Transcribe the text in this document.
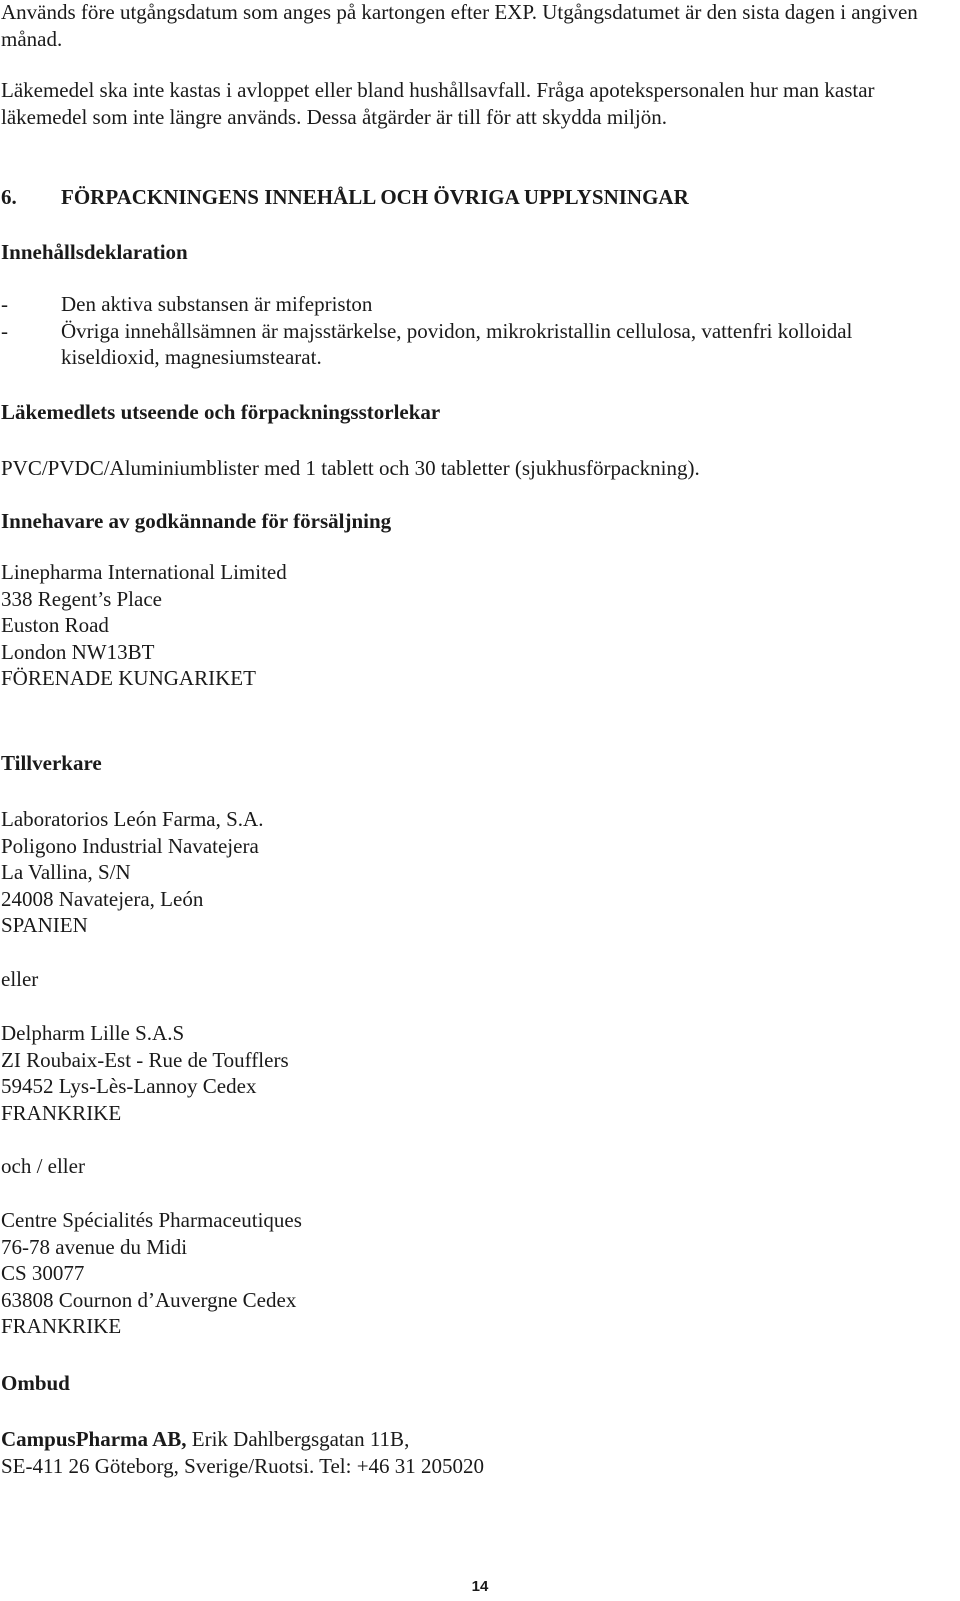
Används före utgångsdatum som anges på kartongen efter EXP. Utgångsdatumet är den sista dagen i angiven månad.

Läkemedel ska inte kastas i avloppet eller bland hushållsavfall. Fråga apotekspersonalen hur man kastar läkemedel som inte längre används. Dessa åtgärder är till för att skydda miljön.

6. FÖRPACKNINGENS INNEHÅLL OCH ÖVRIGA UPPLYSNINGAR
Innehållsdeklaration
-	Den aktiva substansen är mifepriston
-	Övriga innehållsämnen är majsstärkelse, povidon, mikrokristallin cellulosa, vattenfri kolloidal kiseldioxid, magnesiumstearat.
Läkemedlets utseende och förpackningsstorlekar
PVC/PVDC/Aluminiumblister med 1 tablett och 30 tabletter (sjukhusförpackning).
Innehavare av godkännande för försäljning
Linepharma International Limited
338 Regent’s Place
Euston Road
London NW13BT
FÖRENADE KUNGARIKET
Tillverkare
Laboratorios León Farma, S.A.
Poligono Industrial Navatejera
La Vallina, S/N
24008 Navatejera, León
SPANIEN
eller
Delpharm Lille S.A.S
ZI Roubaix-Est - Rue de Toufflers
59452 Lys-Lès-Lannoy Cedex
FRANKRIKE
och / eller
Centre Spécialités Pharmaceutiques
76-78 avenue du Midi
CS 30077
63808 Cournon d’Auvergne Cedex
FRANKRIKE
Ombud
CampusPharma AB, Erik Dahlbergsgatan 11B,
SE-411 26 Göteborg, Sverige/Ruotsi. Tel: +46 31 205020
14
